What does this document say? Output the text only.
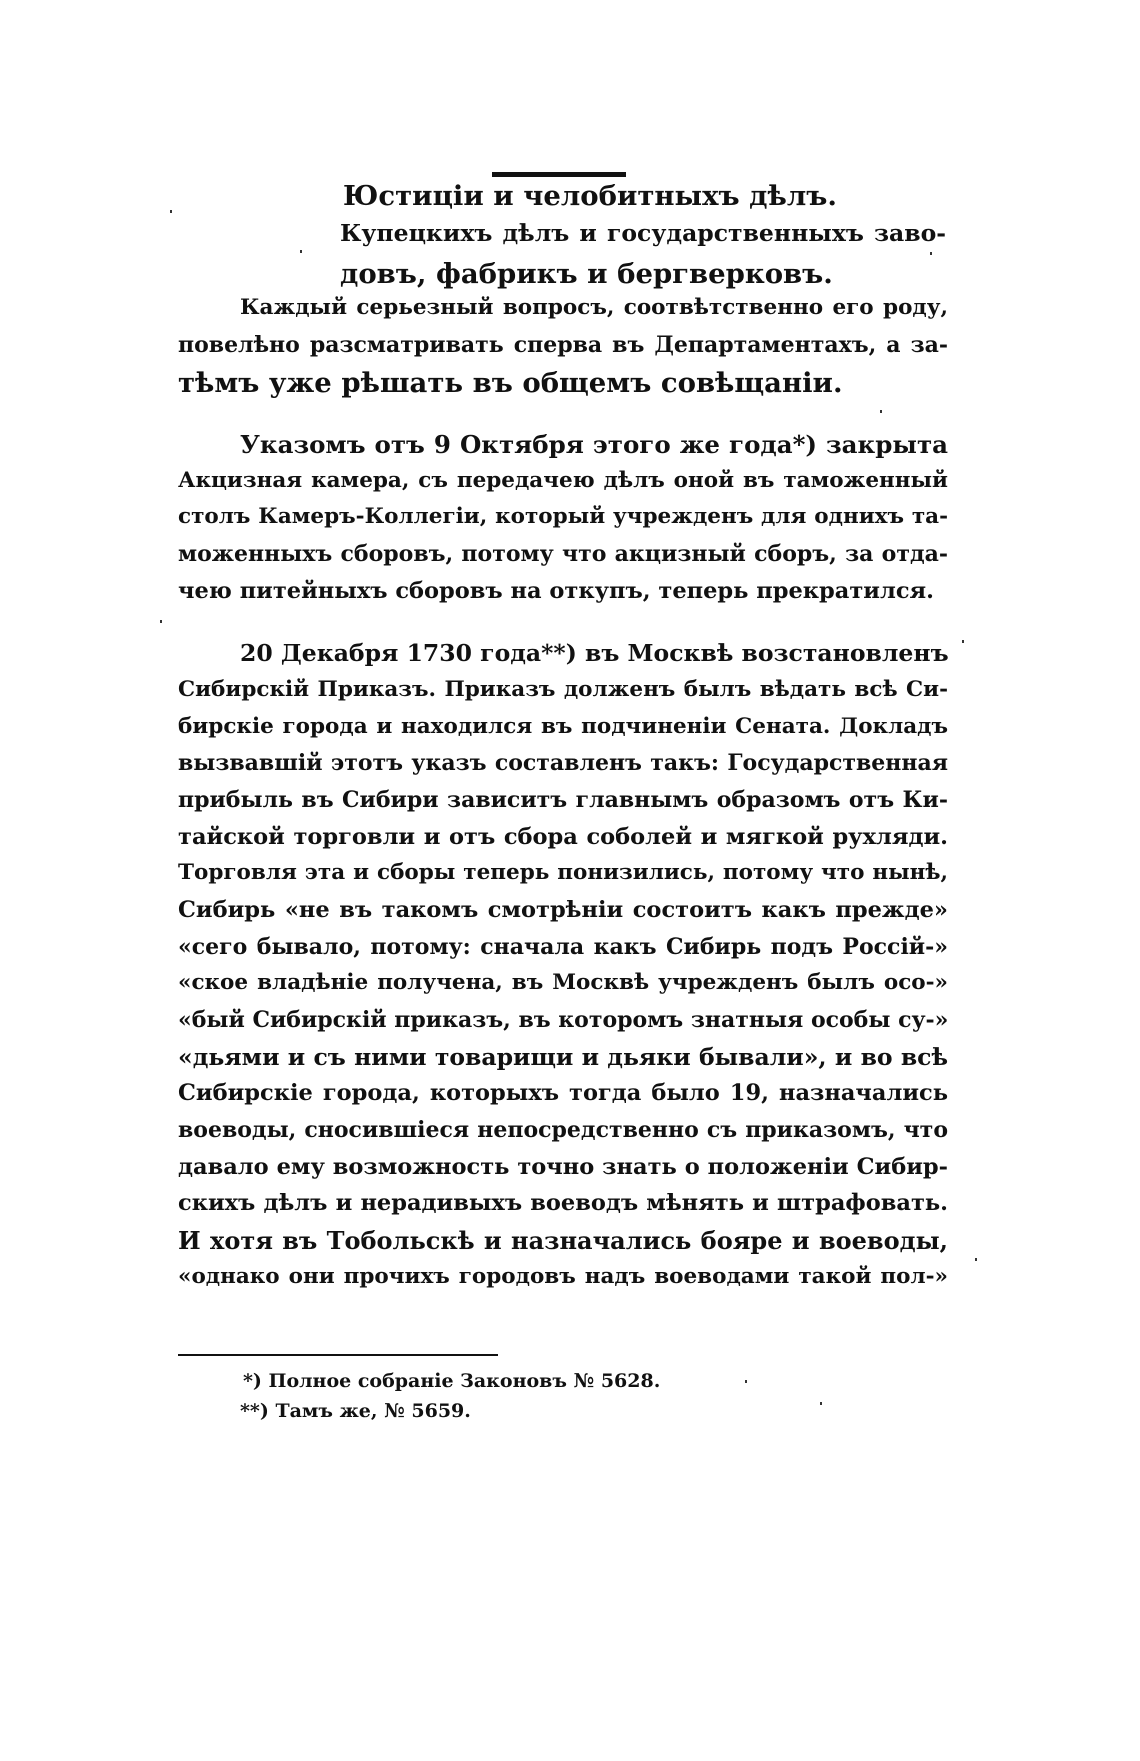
Юстиціи и челобитныхъ дѣлъ.
Купецкихъ дѣлъ и государственныхъ заво-
довъ, фабрикъ и бергверковъ.
Каждый серьезный вопросъ, соотвѣтственно его роду,
повелѣно разсматривать сперва въ Департаментахъ, а за-
тѣмъ уже рѣшать въ общемъ совѣщаніи.
Указомъ отъ 9 Октября этого же года*) закрыта
Акцизная камера, съ передачею дѣлъ оной въ таможенный
столъ Камеръ-Коллегіи, который учрежденъ для однихъ та-
моженныхъ сборовъ, потому что акцизный сборъ, за отда-
чею питейныхъ сборовъ на откупъ, теперь прекратился.
20 Декабря 1730 года**) въ Москвѣ возстановленъ
Сибирскій Приказъ. Приказъ долженъ былъ вѣдать всѣ Си-
бирскіе города и находился въ подчиненіи Сената. Докладъ
вызвавшій этотъ указъ составленъ такъ: Государственная
прибыль въ Сибири зависитъ главнымъ образомъ отъ Ки-
тайской торговли и отъ сбора соболей и мягкой рухляди.
Торговля эта и сборы теперь понизились, потому что нынѣ,
Сибирь «не въ такомъ смотрѣніи состоитъ какъ прежде»
«сего бывало, потому: сначала какъ Сибирь подъ Россій-»
«ское владѣніе получена, въ Москвѣ учрежденъ былъ осо-»
«бый Сибирскій приказъ, въ которомъ знатныя особы су-»
«дьями и съ ними товарищи и дьяки бывали», и во всѣ
Сибирскіе города, которыхъ тогда было 19, назначались
воеводы, сносившіеся непосредственно съ приказомъ, что
давало ему возможность точно знать о положеніи Сибир-
скихъ дѣлъ и нерадивыхъ воеводъ мѣнять и штрафовать.
И хотя въ Тобольскѣ и назначались бояре и воеводы,
«однако они прочихъ городовъ надъ воеводами такой пол-»
*) Полное собраніе Законовъ № 5628.
**) Тамъ же, № 5659.
